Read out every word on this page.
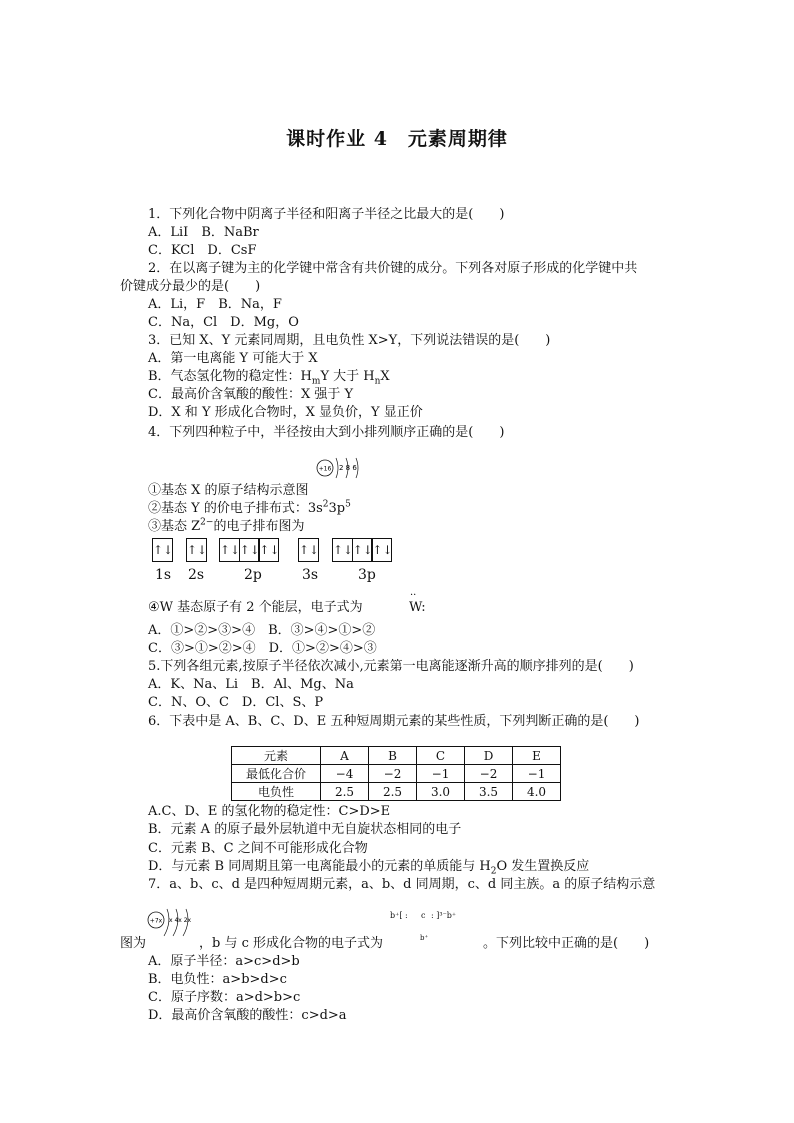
课时作业 4　元素周期律
1．下列化合物中阴离子半径和阳离子半径之比最大的是(　　)
A．LiI　B．NaBr
C．KCl　D．CsF
2．在以离子键为主的化学键中常含有共价键的成分。下列各对原子形成的化学键中共
价键成分最少的是(　　)
A．Li，F　B．Na，F
C．Na，Cl　D．Mg，O
3．已知 X、Y 元素同周期，且电负性 X>Y，下列说法错误的是(　　)
A．第一电离能 Y 可能大于 X
B．气态氢化物的稳定性：$H_mY$ 大于 $H_nX$
C．最高价含氧酸的酸性：X 强于 Y
D．X 和 Y 形成化合物时，X 显负价，Y 显正价
4．下列四种粒子中，半径按由大到小排列顺序正确的是(　　)
+16 2 8 6
①基态 X 的原子结构示意图
②基态 Y 的价电子排布式：$3s^23p^5$
③基态 $Z^{2-}$的电子排布图为
↑↓ ↑↓ ↑↓ ↑↓ ↑↓ ↑↓ ↑↓ ↑↓ ↑↓
1s 2s	2p	3s	3p
④W 基态原子有 2 个能层，电子式为
··
W:
A．①>②>③>④　B．③>④>①>②
C．③>①>②>④　D．①>②>④>③
5.下列各组元素,按原子半径依次减小,元素第一电离能逐渐升高的顺序排列的是(　　)
A．K、Na、Li　B．Al、Mg、Na
C．N、O、C　D．Cl、S、P
6．下表中是 A、B、C、D、E 五种短周期元素的某些性质，下列判断正确的是(　　)
元素	A	B	C	D	E
最低化合价	−4	−2	−1	−2	−1
电负性	2.5	2.5	3.0	3.5	4.0
A.C、D、E 的氢化物的稳定性：C>D>E
B．元素 A 的原子最外层轨道中无自旋状态相同的电子
C．元素 B、C 之间不可能形成化合物
D．与元素 B 同周期且第一电离能最小的元素的单质能与 $H_2O$ 发生置换反应
7．a、b、c、d 是四种短周期元素，a、b、d 同周期，c、d 同主族。a 的原子结构示意
+7x x 4x 2x
图为	，b 与 c 形成化合物的电子式为
b⁺[ : c : ]³⁻b⁺
b⁺	。下列比较中正确的是(　　)
A．原子半径：a>c>d>b
B．电负性：a>b>d>c
C．原子序数：a>d>b>c
D．最高价含氧酸的酸性：c>d>a
